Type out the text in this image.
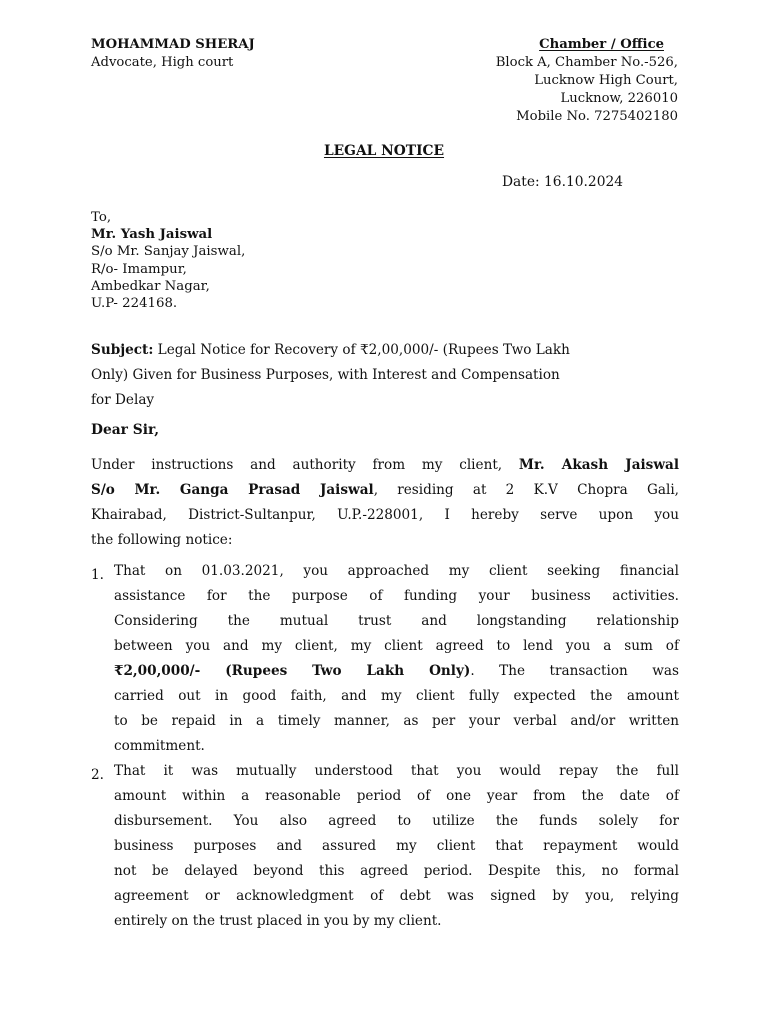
MOHAMMAD SHERAJ
Advocate, High court
Chamber / Office
Block A, Chamber No.-526,
Lucknow High Court,
Lucknow, 226010
Mobile No. 7275402180
LEGAL NOTICE
Date: 16.10.2024
To,
Mr. Yash Jaiswal
S/o Mr. Sanjay Jaiswal,
R/o- Imampur,
Ambedkar Nagar,
U.P- 224168.
Subject: Legal Notice for Recovery of ₹2,00,000/- (Rupees Two Lakh
Only) Given for Business Purposes, with Interest and Compensation
for Delay
Dear Sir,
Under instructions and authority from my client, Mr. Akash Jaiswal
S/o Mr. Ganga Prasad Jaiswal, residing at 2 K.V Chopra Gali,
Khairabad, District-Sultanpur, U.P.-228001, I hereby serve upon you
the following notice:
1. That on 01.03.2021, you approached my client seeking financial
assistance for the purpose of funding your business activities.
Considering the mutual trust and longstanding relationship
between you and my client, my client agreed to lend you a sum of
₹2,00,000/- (Rupees Two Lakh Only). The transaction was
carried out in good faith, and my client fully expected the amount
to be repaid in a timely manner, as per your verbal and/or written
commitment.
2. That it was mutually understood that you would repay the full
amount within a reasonable period of one year from the date of
disbursement. You also agreed to utilize the funds solely for
business purposes and assured my client that repayment would
not be delayed beyond this agreed period. Despite this, no formal
agreement or acknowledgment of debt was signed by you, relying
entirely on the trust placed in you by my client.
